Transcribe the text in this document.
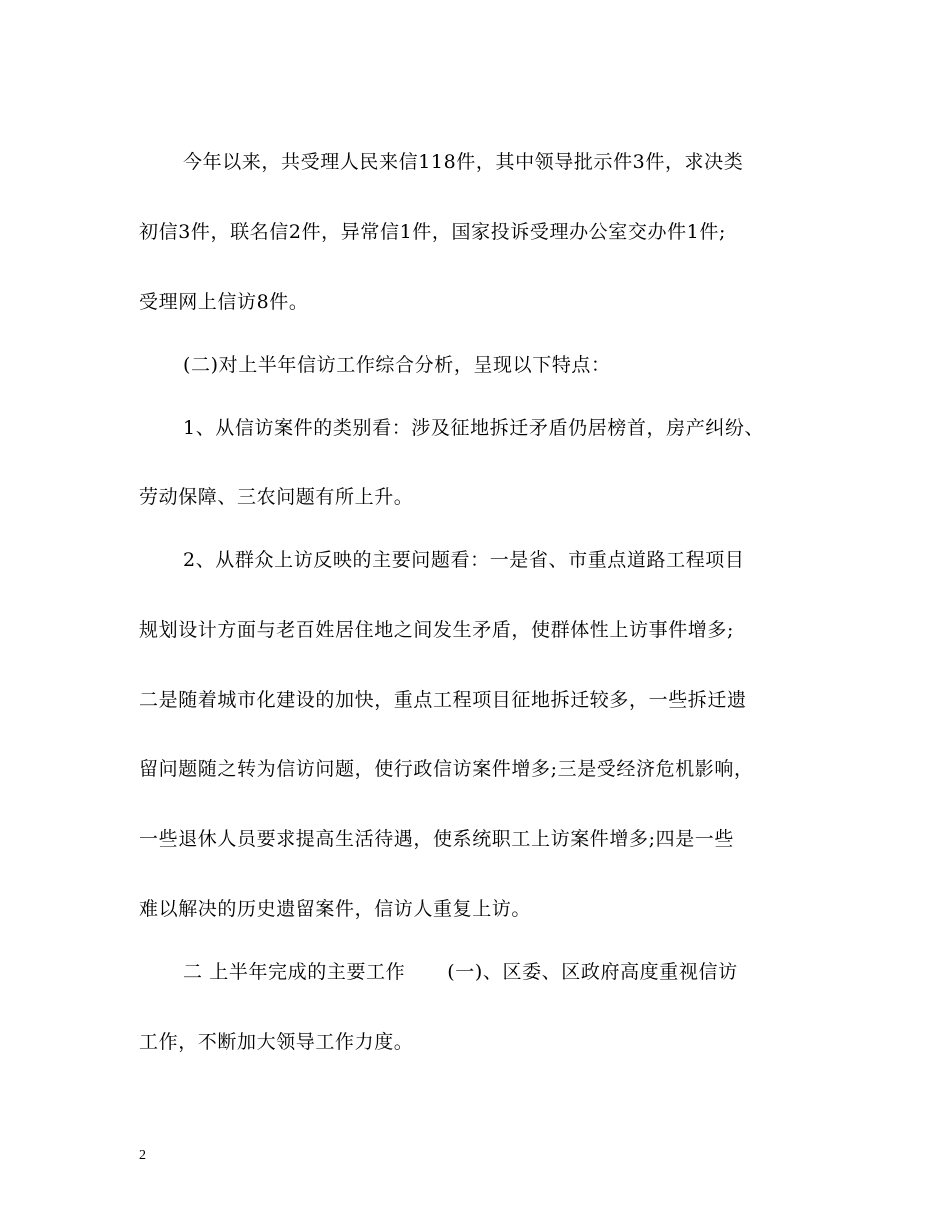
今年以来，共受理人民来信118件，其中领导批示件3件，求决类
初信3件，联名信2件，异常信1件，国家投诉受理办公室交办件1件;
受理网上信访8件。
(二)对上半年信访工作综合分析，呈现以下特点：
1、从信访案件的类别看：涉及征地拆迁矛盾仍居榜首，房产纠纷、
劳动保障、三农问题有所上升。
2、从群众上访反映的主要问题看：一是省、市重点道路工程项目
规划设计方面与老百姓居住地之间发生矛盾，使群体性上访事件增多;
二是随着城市化建设的加快，重点工程项目征地拆迁较多，一些拆迁遗
留问题随之转为信访问题，使行政信访案件增多;三是受经济危机影响，
一些退休人员要求提高生活待遇，使系统职工上访案件增多;四是一些
难以解决的历史遗留案件，信访人重复上访。
二 上半年完成的主要工作 (一)、区委、区政府高度重视信访
工作，不断加大领导工作力度。
2
